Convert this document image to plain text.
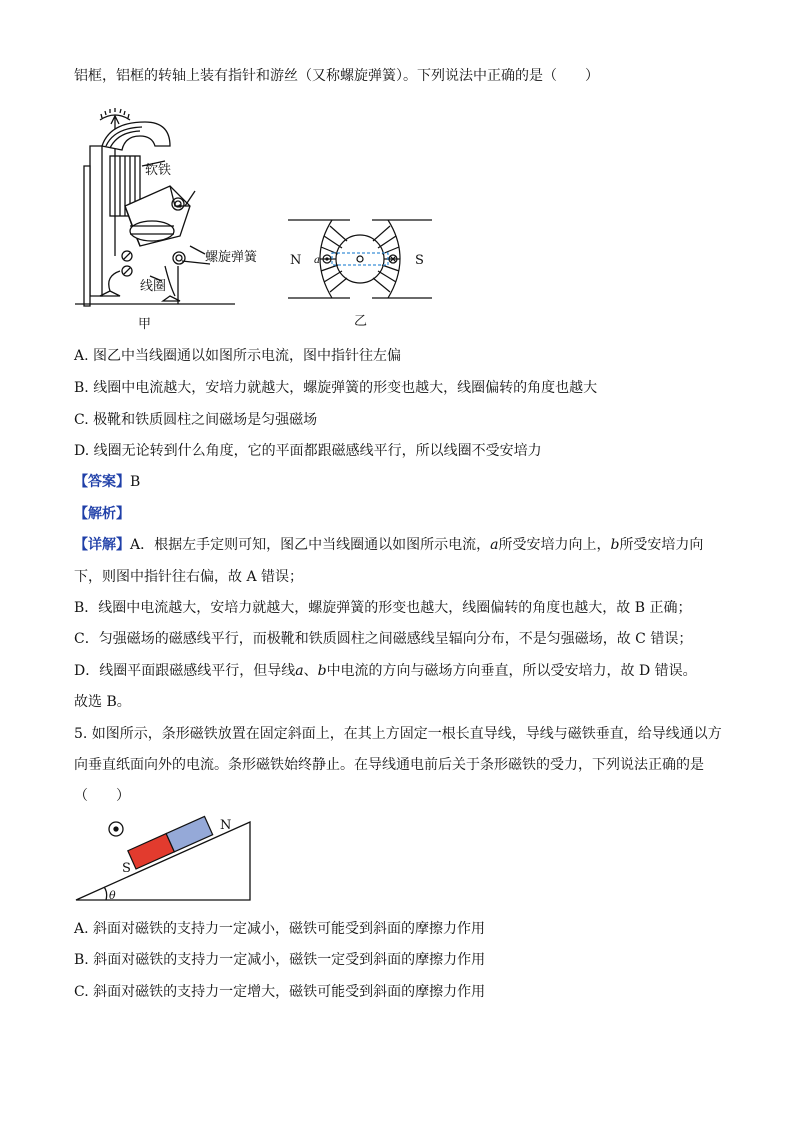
铝框，铝框的转轴上装有指针和游丝（又称螺旋弹簧）。下列说法中正确的是（　　）
软铁
螺旋弹簧
线圈
甲
N	S
a
乙
A. 图乙中当线圈通以如图所示电流，图中指针往左偏
B. 线圈中电流越大，安培力就越大，螺旋弹簧的形变也越大，线圈偏转的角度也越大
C. 极靴和铁质圆柱之间磁场是匀强磁场
D. 线圈无论转到什么角度，它的平面都跟磁感线平行，所以线圈不受安培力
【答案】B
【解析】
【详解】A．根据左手定则可知，图乙中当线圈通以如图所示电流，a所受安培力向上，b所受安培力向
下，则图中指针往右偏，故 A 错误；
B．线圈中电流越大，安培力就越大，螺旋弹簧的形变也越大，线圈偏转的角度也越大，故 B 正确；
C．匀强磁场的磁感线平行，而极靴和铁质圆柱之间磁感线呈辐向分布，不是匀强磁场，故 C 错误；
D．线圈平面跟磁感线平行，但导线a、b中电流的方向与磁场方向垂直，所以受安培力，故 D 错误。
故选 B。
5. 如图所示，条形磁铁放置在固定斜面上，在其上方固定一根长直导线，导线与磁铁垂直，给导线通以方
向垂直纸面向外的电流。条形磁铁始终静止。在导线通电前后关于条形磁铁的受力，下列说法正确的是
（　　）
N
S
θ
A. 斜面对磁铁的支持力一定减小，磁铁可能受到斜面的摩擦力作用
B. 斜面对磁铁的支持力一定减小，磁铁一定受到斜面的摩擦力作用
C. 斜面对磁铁的支持力一定增大，磁铁可能受到斜面的摩擦力作用
